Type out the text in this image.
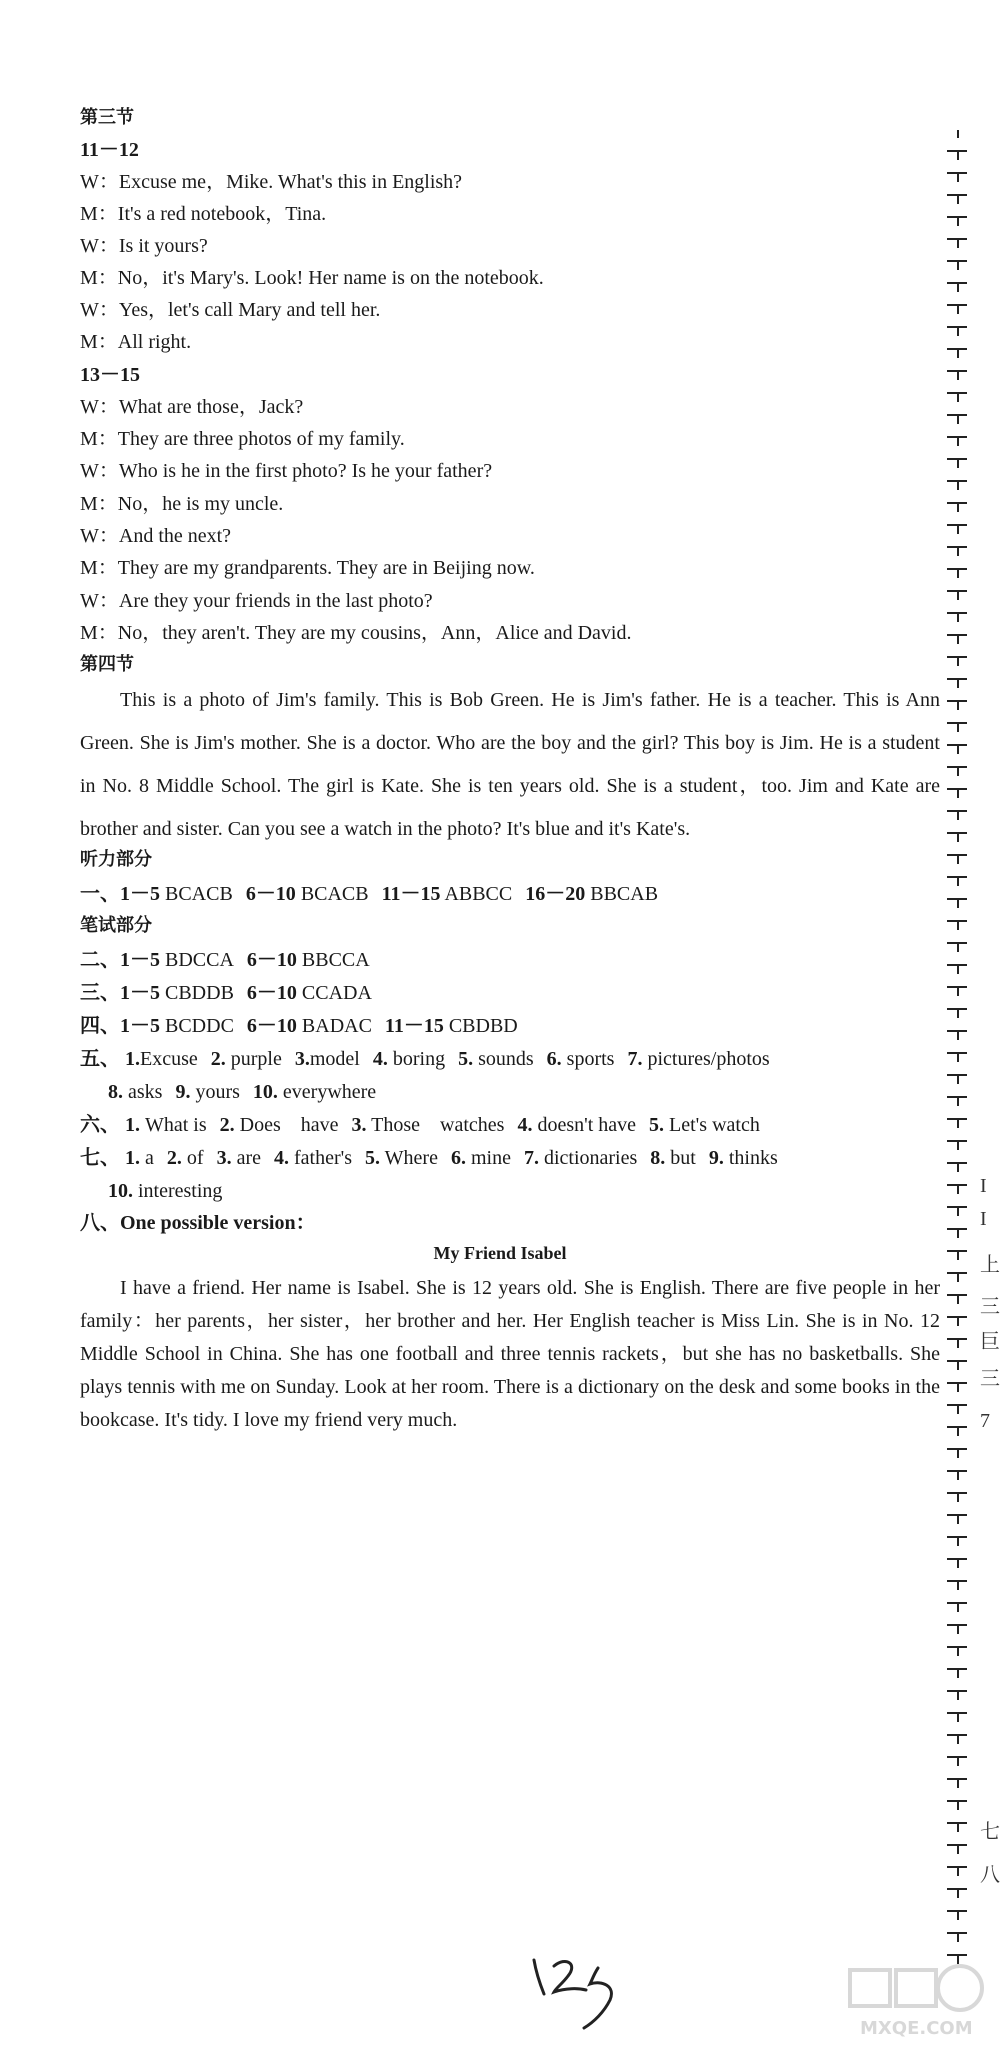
第三节
11－12
W：Excuse me，Mike. What's this in English?
M：It's a red notebook，Tina.
W：Is it yours?
M：No，it's Mary's. Look! Her name is on the notebook.
W：Yes，let's call Mary and tell her.
M：All right.
13－15
W：What are those，Jack?
M：They are three photos of my family.
W：Who is he in the first photo? Is he your father?
M：No，he is my uncle.
W：And the next?
M：They are my grandparents. They are in Beijing now.
W：Are they your friends in the last photo?
M：No，they aren't. They are my cousins，Ann，Alice and David.
第四节
This is a photo of Jim's family. This is Bob Green. He is Jim's father. He is a teacher. This is Ann Green. She is Jim's mother. She is a doctor. Who are the boy and the girl? This boy is Jim. He is a student in No. 8 Middle School. The girl is Kate. She is ten years old. She is a student，too. Jim and Kate are brother and sister. Can you see a watch in the photo? It's blue and it's Kate's.
听力部分
一、1－5 BCACB 6－10 BCACB 11－15 ABBCC 16－20 BBCAB
笔试部分
二、1－5 BDCCA 6－10 BBCCA
三、1－5 CBDDB 6－10 CCADA
四、1－5 BCDDC 6－10 BADAC 11－15 CBDBD
五、 1.Excuse 2. purple 3.model 4. boring 5. sounds 6. sports 7. pictures/photos
8. asks 9. yours 10. everywhere
六、 1. What is 2. Does　have 3. Those　watches 4. doesn't have 5. Let's watch
七、 1. a 2. of 3. are 4. father's 5. Where 6. mine 7. dictionaries 8. but 9. thinks
10. interesting
八、One possible version：
My Friend Isabel
I have a friend. Her name is Isabel. She is 12 years old. She is English. There are five people in her family：her parents，her sister，her brother and her. Her English teacher is Miss Lin. She is in No. 12 Middle School in China. She has one football and three tennis rackets，but she has no basketballs. She plays tennis with me on Sunday. Look at her room. There is a dictionary on the desk and some books in the bookcase. It's tidy. I love my friend very much.
I
I
上
三
巨
三
7
七
八
125
MXQE.COM
